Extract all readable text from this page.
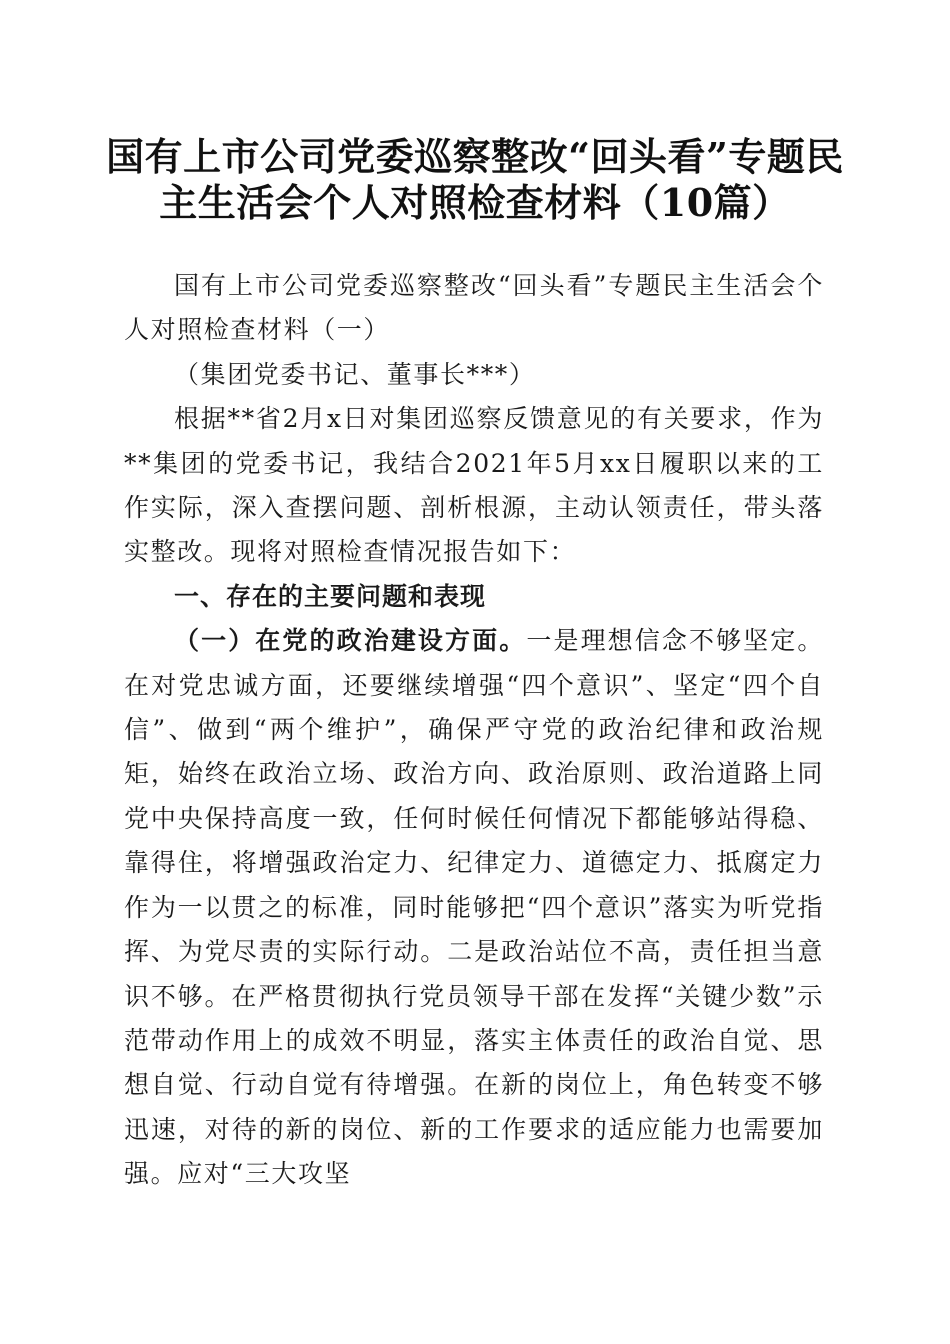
国有上市公司党委巡察整改“回头看”专题民主生活会个人对照检查材料（10篇）

国有上市公司党委巡察整改“回头看”专题民主生活会个人对照检查材料（一）

（集团党委书记、董事长***）

根据**省2月x日对集团巡察反馈意见的有关要求，作为**集团的党委书记，我结合2021年5月xx日履职以来的工作实际，深入查摆问题、剖析根源，主动认领责任，带头落实整改。现将对照检查情况报告如下：

一、存在的主要问题和表现

（一）在党的政治建设方面。一是理想信念不够坚定。在对党忠诚方面，还要继续增强“四个意识”、坚定“四个自信”、做到“两个维护”，确保严守党的政治纪律和政治规矩，始终在政治立场、政治方向、政治原则、政治道路上同党中央保持高度一致，任何时候任何情况下都能够站得稳、靠得住，将增强政治定力、纪律定力、道德定力、抵腐定力作为一以贯之的标准，同时能够把“四个意识”落实为听党指挥、为党尽责的实际行动。二是政治站位不高，责任担当意识不够。在严格贯彻执行党员领导干部在发挥“关键少数”示范带动作用上的成效不明显，落实主体责任的政治自觉、思想自觉、行动自觉有待增强。在新的岗位上，角色转变不够迅速，对待的新的岗位、新的工作要求的适应能力也需要加强。应对“三大攻坚
